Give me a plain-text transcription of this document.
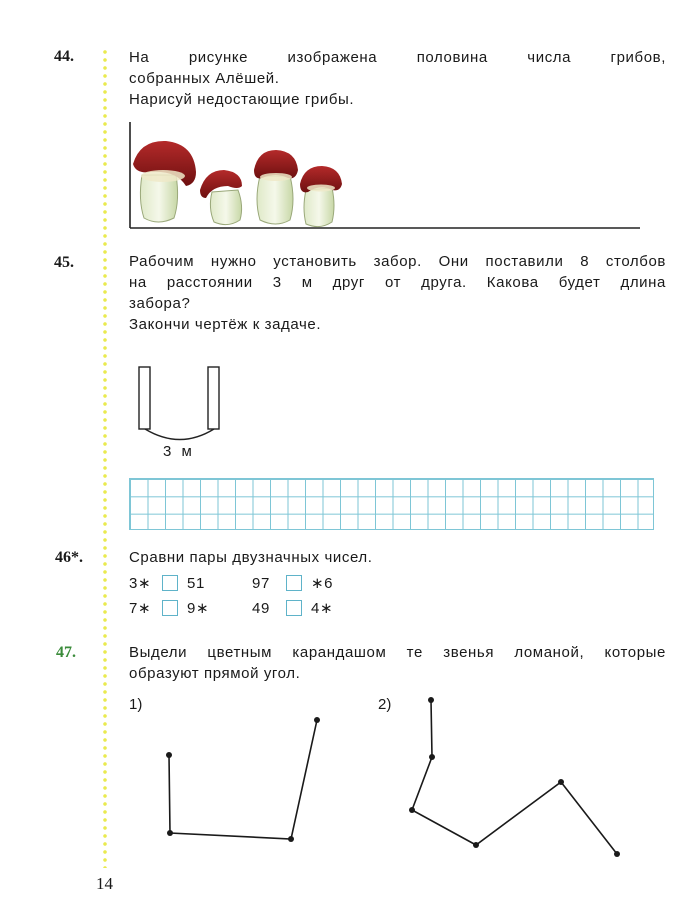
44.	На рисунке изображена половина числа грибов,
собранных Алёшей.
Нарисуй недостающие грибы.
45.	Рабочим нужно установить забор. Они поставили 8 столбов
на расстоянии 3 м друг от друга. Какова будет длина
забора?
Закончи чертёж к задаче.
3 м
46*.	Сравни пары двузначных чисел.
3∗ 51	97	∗6
7∗ 9∗	49	4∗
47.	Выдели цветным карандашом те звенья ломаной, которые
образуют прямой угол.
1)	2)
14
